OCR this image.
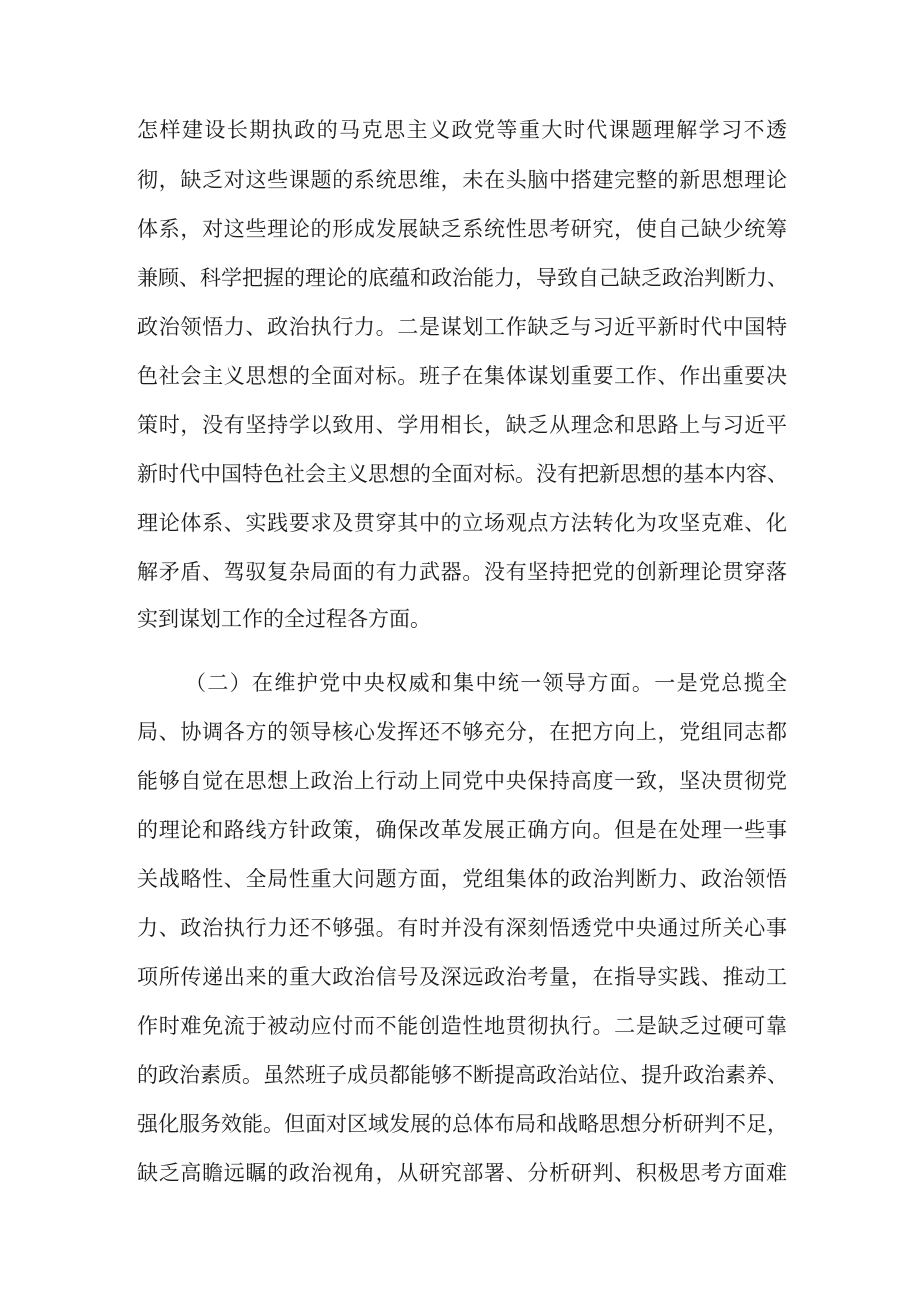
怎样建设长期执政的马克思主义政党等重大时代课题理解学习不透
彻，缺乏对这些课题的系统思维，未在头脑中搭建完整的新思想理论
体系，对这些理论的形成发展缺乏系统性思考研究，使自己缺少统筹
兼顾、科学把握的理论的底蕴和政治能力，导致自己缺乏政治判断力、
政治领悟力、政治执行力。二是谋划工作缺乏与习近平新时代中国特
色社会主义思想的全面对标。班子在集体谋划重要工作、作出重要决
策时，没有坚持学以致用、学用相长，缺乏从理念和思路上与习近平
新时代中国特色社会主义思想的全面对标。没有把新思想的基本内容、
理论体系、实践要求及贯穿其中的立场观点方法转化为攻坚克难、化
解矛盾、驾驭复杂局面的有力武器。没有坚持把党的创新理论贯穿落
实到谋划工作的全过程各方面。
（二）在维护党中央权威和集中统一领导方面。一是党总揽全
局、协调各方的领导核心发挥还不够充分，在把方向上，党组同志都
能够自觉在思想上政治上行动上同党中央保持高度一致，坚决贯彻党
的理论和路线方针政策，确保改革发展正确方向。但是在处理一些事
关战略性、全局性重大问题方面，党组集体的政治判断力、政治领悟
力、政治执行力还不够强。有时并没有深刻悟透党中央通过所关心事
项所传递出来的重大政治信号及深远政治考量，在指导实践、推动工
作时难免流于被动应付而不能创造性地贯彻执行。二是缺乏过硬可靠
的政治素质。虽然班子成员都能够不断提高政治站位、提升政治素养、
强化服务效能。但面对区域发展的总体布局和战略思想分析研判不足，
缺乏高瞻远瞩的政治视角，从研究部署、分析研判、积极思考方面难
